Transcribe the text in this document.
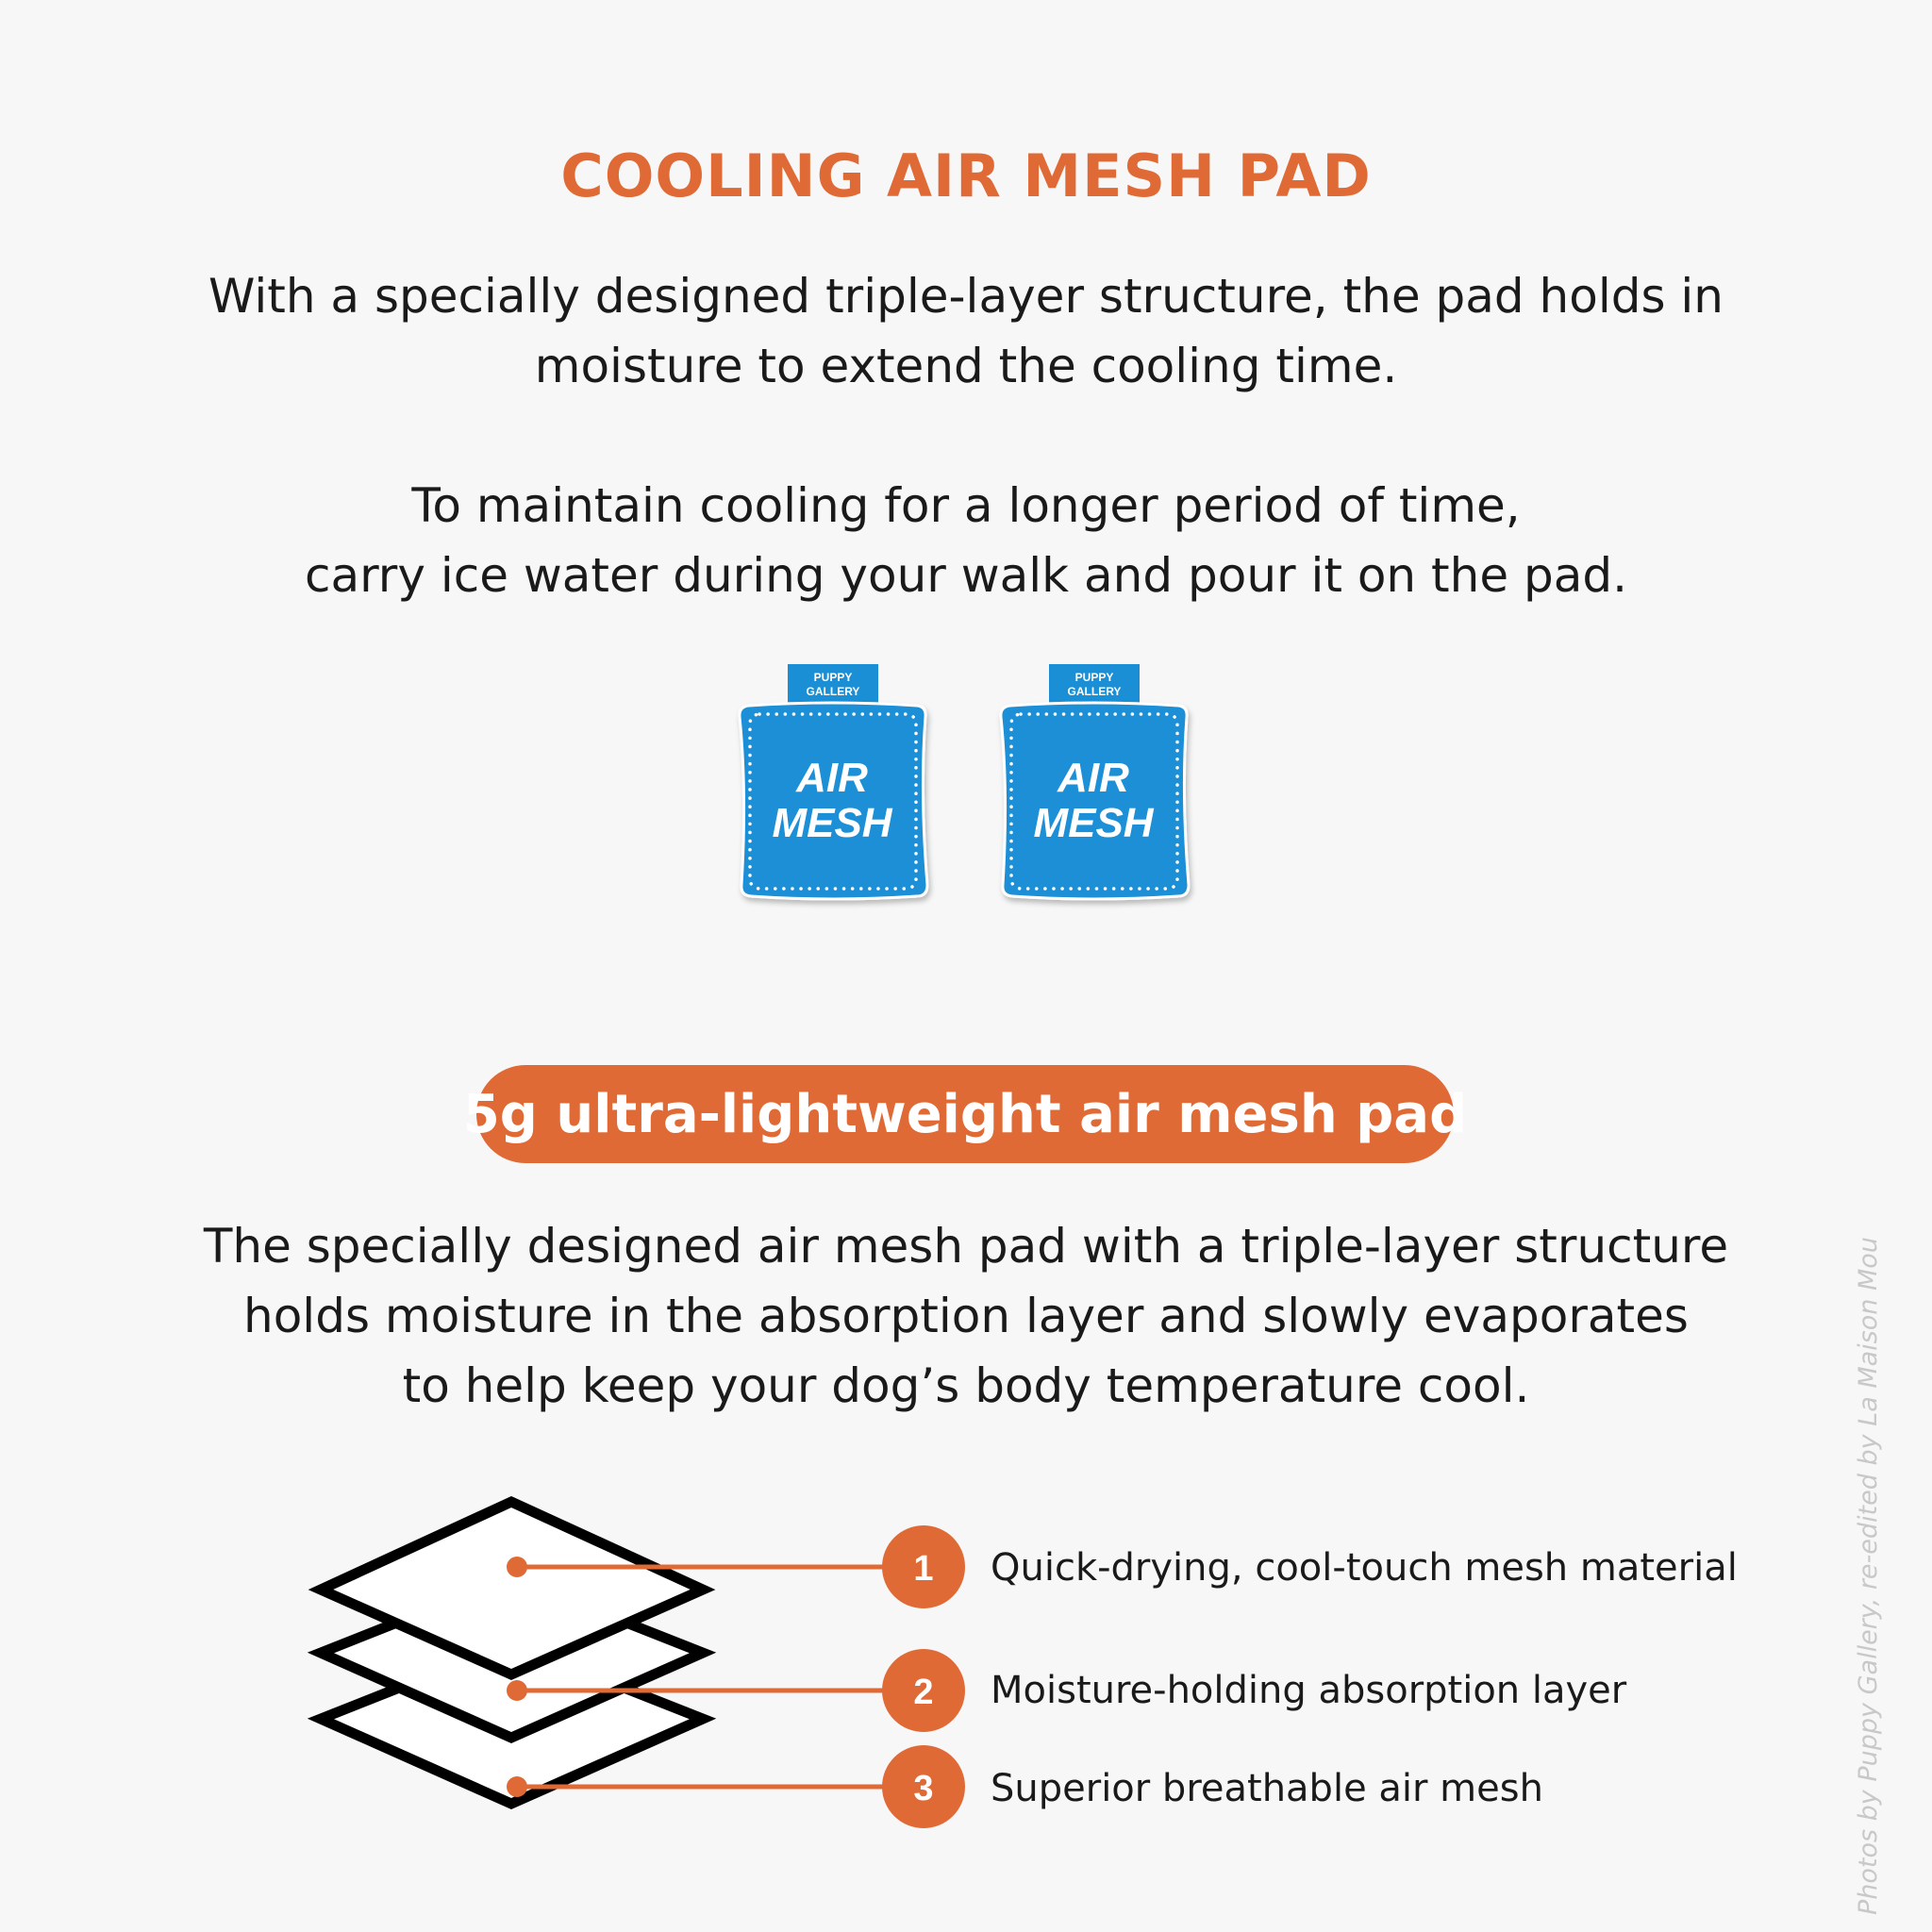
COOLING AIR MESH PAD
With a specially designed triple-layer structure, the pad holds in
moisture to extend the cooling time.
To maintain cooling for a longer period of time,
carry ice water during your walk and pour it on the pad.
PUPPY
GALLERY
AIR
MESH
PUPPY
GALLERY
AIR
MESH
5g ultra-lightweight air mesh pad
The specially designed air mesh pad with a triple-layer structure
holds moisture in the absorption layer and slowly evaporates
to help keep your dog’s body temperature cool.
1
2
3
Quick-drying, cool-touch mesh material
Moisture-holding absorption layer
Superior breathable air mesh	Photos by Puppy Gallery, re-edited by La Maison Mou
